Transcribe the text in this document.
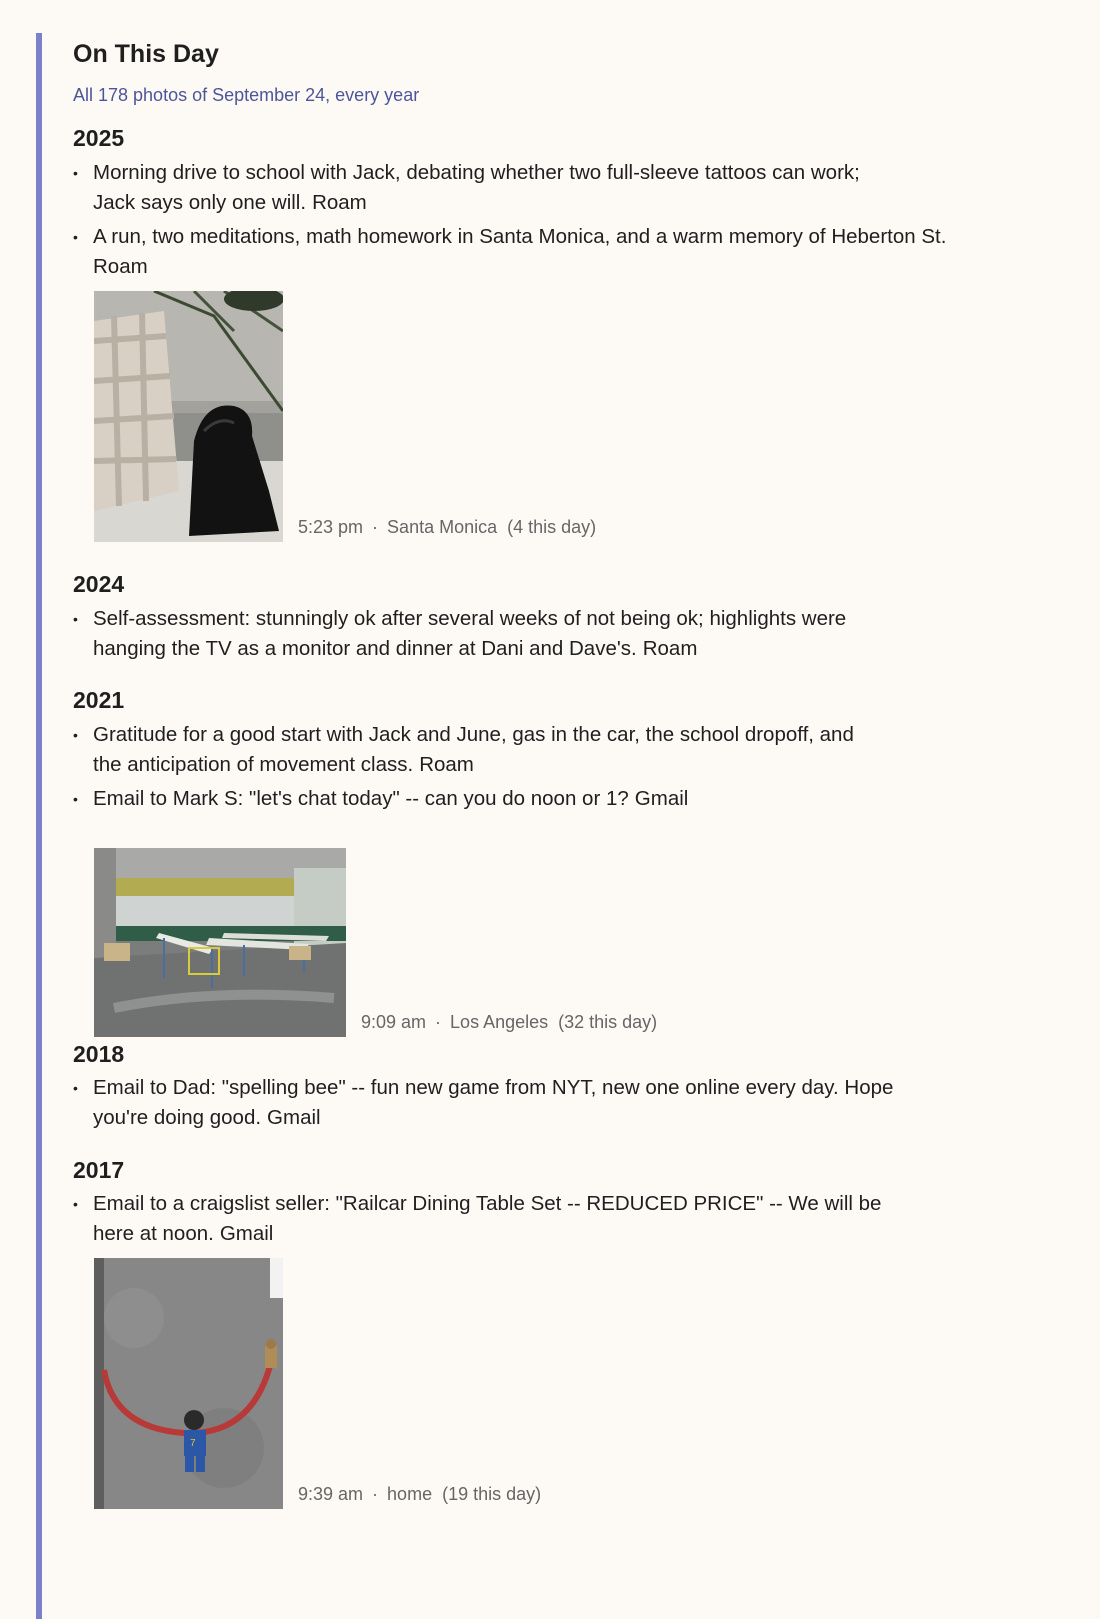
On This Day
All 178 photos of September 24, every year
2025
• Morning drive to school with Jack, debating whether two full-sleeve tattoos can work;
Jack says only one will. Roam
• A run, two meditations, math homework in Santa Monica, and a warm memory of Heberton St.
Roam
5:23 pm · Santa Monica (4 this day)
2024
• Self-assessment: stunningly ok after several weeks of not being ok; highlights were
hanging the TV as a monitor and dinner at Dani and Dave's. Roam
2021
• Gratitude for a good start with Jack and June, gas in the car, the school dropoff, and
the anticipation of movement class. Roam
• Email to Mark S: "let's chat today" -- can you do noon or 1? Gmail
9:09 am · Los Angeles (32 this day)
2018
• Email to Dad: "spelling bee" -- fun new game from NYT, new one online every day. Hope
you're doing good. Gmail
2017
• Email to a craigslist seller: "Railcar Dining Table Set -- REDUCED PRICE" -- We will be
here at noon. Gmail
7
9:39 am · home (19 this day)
